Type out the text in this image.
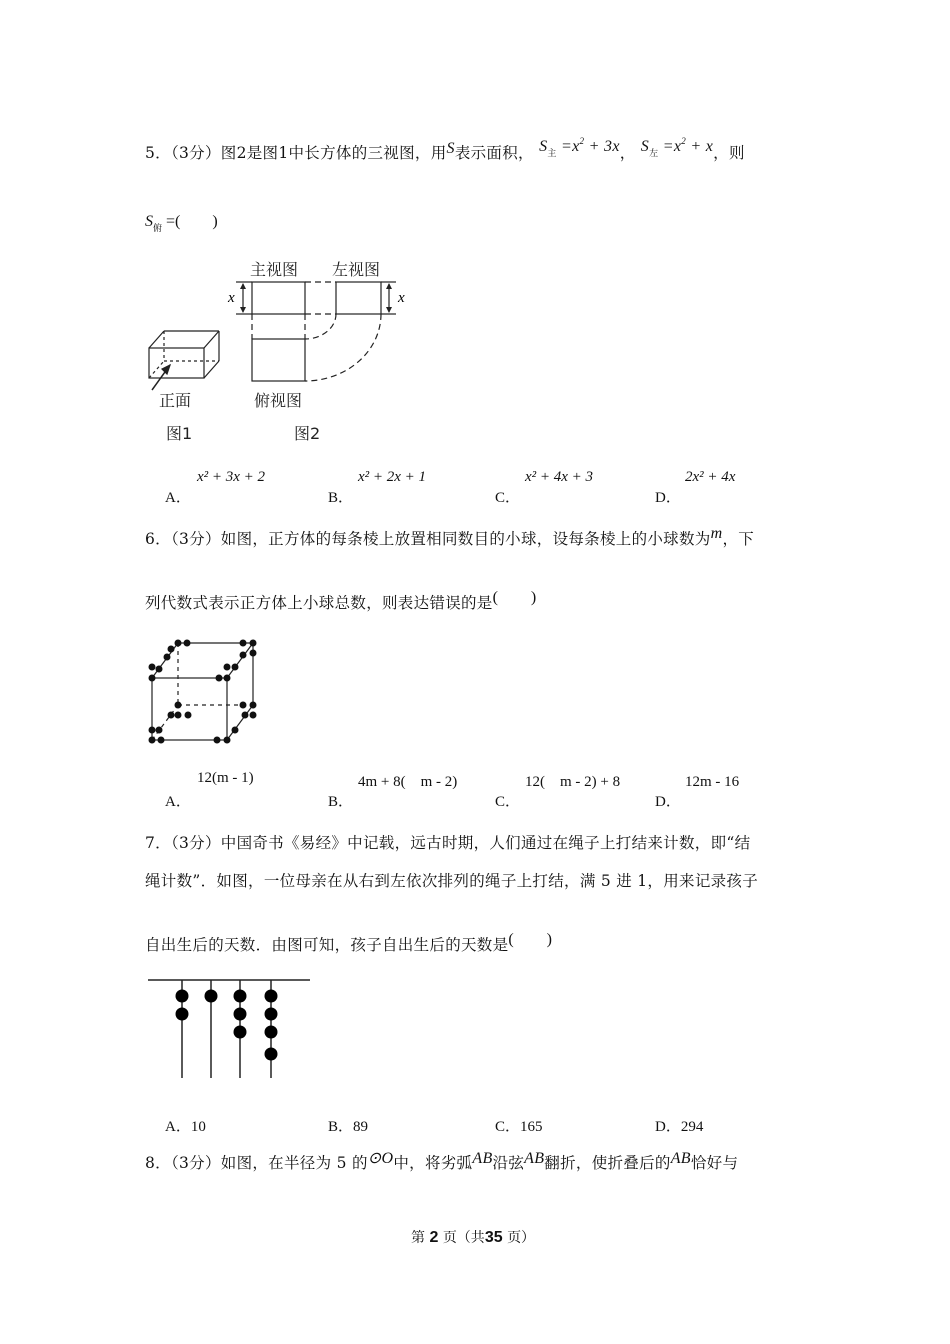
5．（3分）图2是图1中长方体的三视图，用S表示面积， $S_主 =x^2 + 3x$， $S_左 =x^2 + x$，则
$S_俯$ =(　　 )
正面
图1
主视图 左视图
x	x
俯视图
图2
A．
x² + 3x + 2
B．
x² + 2x + 1
C．
x² + 4x + 3
D．
2x² + 4x
6．（3分）如图，正方体的每条棱上放置相同数目的小球，设每条棱上的小球数为m，下
列代数式表示正方体上小球总数，则表达错误的是(　　)
A．
12(m - 1)
B．
4m + 8(　m - 2)
C．
12(　m - 2) + 8
D．
12m - 16
7．（3分）中国奇书《易经》中记载，远古时期，人们通过在绳子上打结来计数，即“结
绳计数”．如图，一位母亲在从右到左依次排列的绳子上打结，满 5 进 1，用来记录孩子
自出生后的天数．由图可知，孩子自出生后的天数是(　　)
A．10	B．89	C．165	D．294
8．（3分）如图，在半径为 5 的⊙O中，将劣弧AB沿弦AB翻折，使折叠后的AB恰好与
第 2 页（共35 页）
